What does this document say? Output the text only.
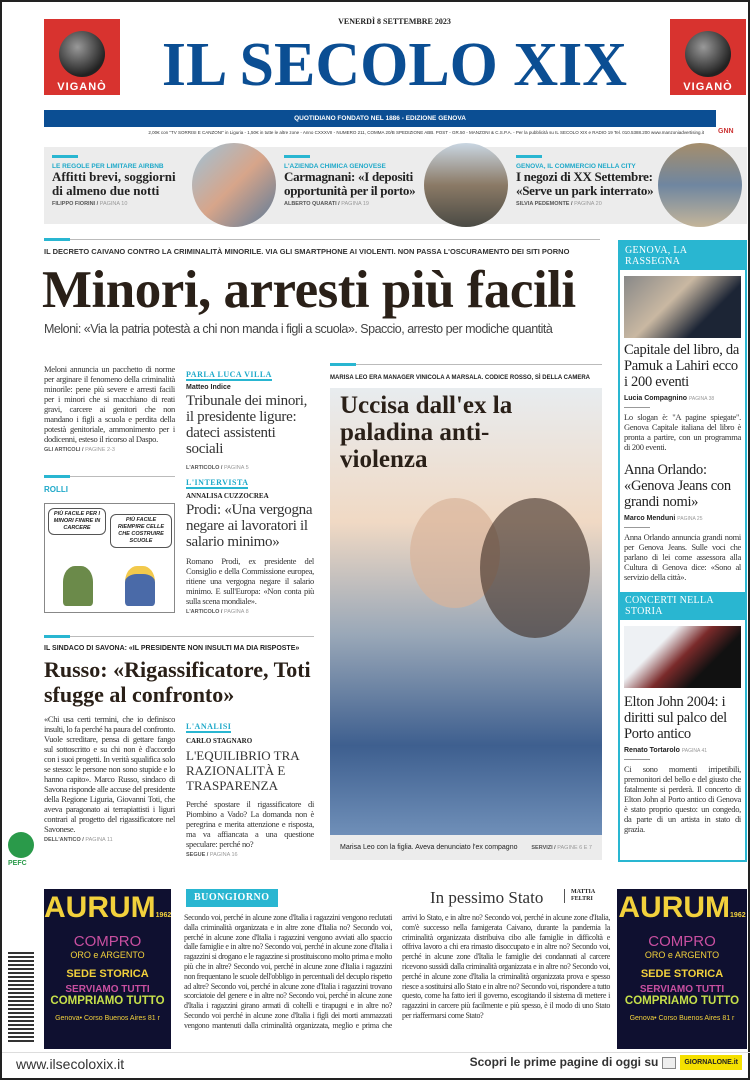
VIGANÒ	VIGANÒ
VENERDÌ 8 SETTEMBRE 2023
IL SECOLO XIX
QUOTIDIANO FONDATO NEL 1886 - EDIZIONE GENOVA
2,00€ con "TV SORRISI E CANZONI" in Liguria - 1,50€ in tutte le altre zone - Anno CXXXVII - NUMERO 211, COMMA 20/B SPEDIZIONE ABB. POST - GR.50 - MANZONI & C.S.P.A. - Per la pubblicità su IL SECOLO XIX e RADIO 19 Tel. 010.5388.200 www.manzoniadvertising.it GNN
LE REGOLE PER LIMITARE AIRBNB
Affitti brevi, soggiorni di almeno due notti
FILIPPO FIORINI / PAGINA 10
L'AZIENDA CHIMICA GENOVESE
Carmagnani: «I depositi opportunità per il porto»
ALBERTO QUARATI / PAGINA 19
GENOVA, IL COMMERCIO NELLA CITY
I negozi di XX Settembre: «Serve un park interrato»
SILVIA PEDEMONTE / PAGINA 20
IL DECRETO CAIVANO CONTRO LA CRIMINALITÀ MINORILE. VIA GLI SMARTPHONE AI VIOLENTI. NON PASSA L'OSCURAMENTO DEI SITI PORNO
Minori, arresti più facili
Meloni: «Via la patria potestà a chi non manda i figli a scuola». Spaccio, arresto per modiche quantità
Meloni annuncia un pacchetto di norme per arginare il fenomeno della criminalità minorile: pene più severe e arresti facili per i minori che si macchiano di reati gravi, carcere ai genitori che non mandano i figli a scuola e perdita della potestà genitoriale, ammonimento per i dodicenni, esteso il ricorso al Daspo.
GLI ARTICOLI / PAGINE 2-3
PARLA LUCA VILLA
Matteo Indice
Tribunale dei minori, il presidente ligure: dateci assistenti sociali
L'ARTICOLO / PAGINA 5
ROLLI
PIÙ FACILE PER I MINORI FINIRE IN CARCERE
PIÙ FACILE RIEMPIRE CELLE CHE COSTRUIRE SCUOLE
L'INTERVISTA
ANNALISA CUZZOCREA
Prodi: «Una vergogna negare ai lavoratori il salario minimo»
Romano Prodi, ex presidente del Consiglio e della Commissione europea, ritiene una vergogna negare il salario minimo. E sull'Europa: «Non conta più sulla scena mondiale».
L'ARTICOLO / PAGINA 8
MARISA LEO ERA MANAGER VINICOLA A MARSALA. CODICE ROSSO, SÌ DELLA CAMERA
Uccisa dall'ex la paladina anti-violenza
Marisa Leo con la figlia. Aveva denunciato l'ex compagno	SERVIZI / PAGINE 6 E 7
IL SINDACO DI SAVONA: «IL PRESIDENTE NON INSULTI MA DIA RISPOSTE»
Russo: «Rigassificatore, Toti sfugge al confronto»
«Chi usa certi termini, che io definisco insulti, lo fa perché ha paura del confronto. Vuole screditare, pensa di gettare fango sul sottoscritto e su chi non è d'accordo con i suoi progetti. In verità squalifica solo se stesso: le persone non sono stupide e lo hanno capito». Marco Russo, sindaco di Savona risponde alle accuse del presidente della Regione Liguria, Giovanni Toti, che aveva paragonato ai terrapiattisti i liguri contrari al progetto del rigassificatore nel Savonese.
DELL'ANTICO / PAGINA 11
L'ANALISI
CARLO STAGNARO
L'EQUILIBRIO TRA RAZIONALITÀ E TRASPARENZA
Perché spostare il rigassificatore di Piombino a Vado? La domanda non è peregrina e merita attenzione e risposta, ma va affiancata a una questione speculare: perché no?
SEGUE / PAGINA 16
PEFC
GENOVA, LA RASSEGNA
Capitale del libro, da Pamuk a Lahiri ecco i 200 eventi
Lucia Compagnino PAGINA 38
Lo slogan è: "A pagine spiegate". Genova Capitale italiana del libro è pronta a partire, con un programma di 200 eventi.
Anna Orlando: «Genova Jeans con grandi nomi»
Marco Menduni PAGINA 25
Anna Orlando annuncia grandi nomi per Genova Jeans. Sulle voci che parlano di lei come assessora alla Cultura di Genova dice: «Sono al servizio della città».
CONCERTI NELLA STORIA
Elton John 2004: i diritti sul palco del Porto antico
Renato Tortarolo PAGINA 41
Ci sono momenti irripetibili, premonitori del bello e del giusto che fatalmente si perderà. Il concerto di Elton John al Porto antico di Genova è stato proprio questo: un congedo, da parte di un artista in stato di grazia.
AURUM1962
COMPRO
ORO e ARGENTO
SEDE STORICA
SERVIAMO TUTTI
COMPRIAMO TUTTO
Genova• Corso Buenos Aires 81 r
AURUM1962
COMPRO
ORO e ARGENTO
SEDE STORICA
SERVIAMO TUTTI
COMPRIAMO TUTTO
Genova• Corso Buenos Aires 81 r
BUONGIORNO	In pessimo Stato	MATTIA FELTRI
Secondo voi, perché in alcune zone d'Italia i ragazzini vengono reclutati dalla criminalità organizzata e in altre zone d'Italia no? Secondo voi, perché in alcune zone d'Italia i ragazzini vengono avviati allo spaccio dalle famiglie e in altre no? Secondo voi, perché in alcune zone d'Italia i ragazzini si drogano e le ragazzine si prostituiscono molto prima e molto più che in altre? Secondo voi, perché in alcune zone d'Italia i ragazzini non frequentano le scuole dell'obbligo in percentuali del decuplo rispetto ad altre? Secondo voi, perché in alcune zone d'Italia i ragazzini trovano scorciatoie del genere e in altre no? Secondo voi, perché in alcune zone d'Italia i ragazzini girano armati di coltelli e tirapugni e in altre no? Secondo voi perché in alcune zone d'Italia i figli dei morti ammazzati vengono mantenuti dalla criminalità organizzata, meglio e prima che arrivi lo Stato, e in altre no? Secondo voi, perché in alcune zone d'Italia, com'è successo nella famigerata Caivano, durante la pandemia la criminalità organizzata distribuiva cibo alle famiglie in difficoltà e offriva lavoro a chi era rimasto disoccupato e in altre no? Secondo voi, perché in alcune zone d'Italia le famiglie dei condannati al carcere ricevono sussidi dalla criminalità organizzata e in altre no? Secondo voi, perché in alcune zone d'Italia la criminalità organizzata prova e spesso riesce a sostituirsi allo Stato e in altre no? Secondo voi, rispondere a tutto questo, come ha fatto ieri il governo, escogitando il sistema di mettere i ragazzini in carcere più facilmente e più spesso, è il modo di uno Stato per riaffermarsi come Stato?
www.ilsecoloxix.it	Scopri le prime pagine di oggi su	GIORNALONE.it
